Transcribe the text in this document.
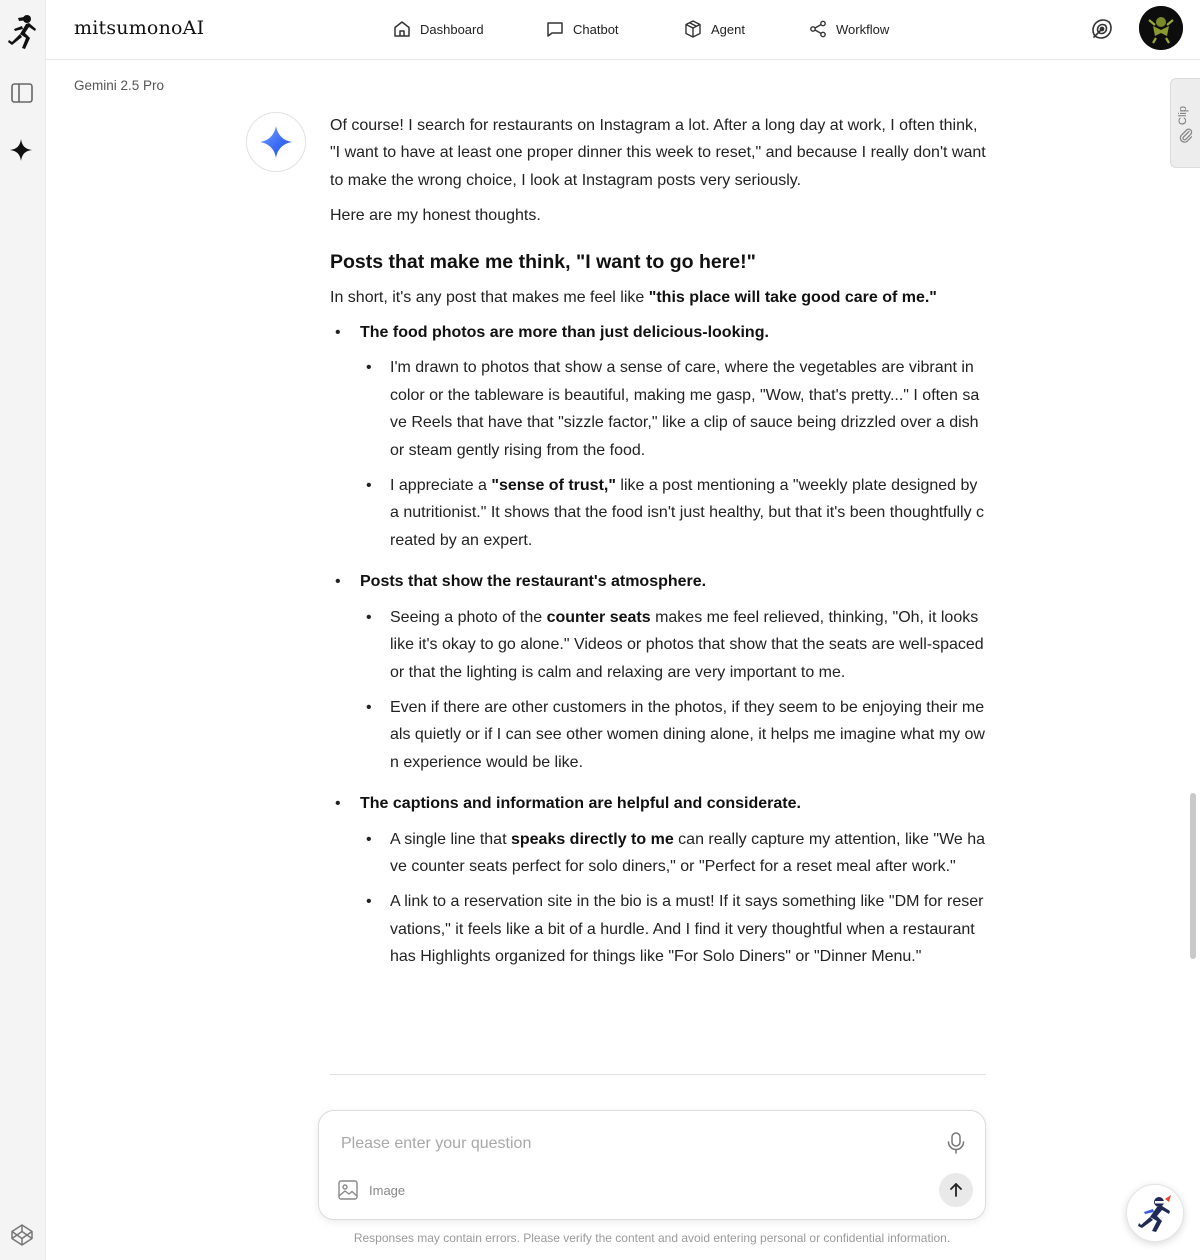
mitsumonoAI	Dashboard	Chatbot	Agent	Workflow
Gemini 2.5 Pro
Clip

Of course! I search for restaurants on Instagram a lot. After a long day at work, I often think, "I want to have at least one proper dinner this week to reset," and because I really don't want to make the wrong choice, I look at Instagram posts very seriously.

Here are my honest thoughts.

Posts that make me think, "I want to go here!"

In short, it's any post that makes me feel like "this place will take good care of me."

• The food photos are more than just delicious-looking.
• I'm drawn to photos that show a sense of care, where the vegetables are vibrant in color or the tableware is beautiful, making me gasp, "Wow, that's pretty..." I often save Reels that have that "sizzle factor," like a clip of sauce being drizzled over a dish or steam gently rising from the food.
• I appreciate a "sense of trust," like a post mentioning a "weekly plate designed by a nutritionist." It shows that the food isn't just healthy, but that it's been thoughtfully created by an expert.
• Posts that show the restaurant's atmosphere.
• Seeing a photo of the counter seats makes me feel relieved, thinking, "Oh, it looks like it's okay to go alone." Videos or photos that show that the seats are well-spaced or that the lighting is calm and relaxing are very important to me.
• Even if there are other customers in the photos, if they seem to be enjoying their meals quietly or if I can see other women dining alone, it helps me imagine what my own experience would be like.
• The captions and information are helpful and considerate.
• A single line that speaks directly to me can really capture my attention, like "We have counter seats perfect for solo diners," or "Perfect for a reset meal after work."
• A link to a reservation site in the bio is a must! If it says something like "DM for reservations," it feels like a bit of a hurdle. And I find it very thoughtful when a restaurant has Highlights organized for things like "For Solo Diners" or "Dinner Menu."
Please enter your question
Image
Responses may contain errors. Please verify the content and avoid entering personal or confidential information.
